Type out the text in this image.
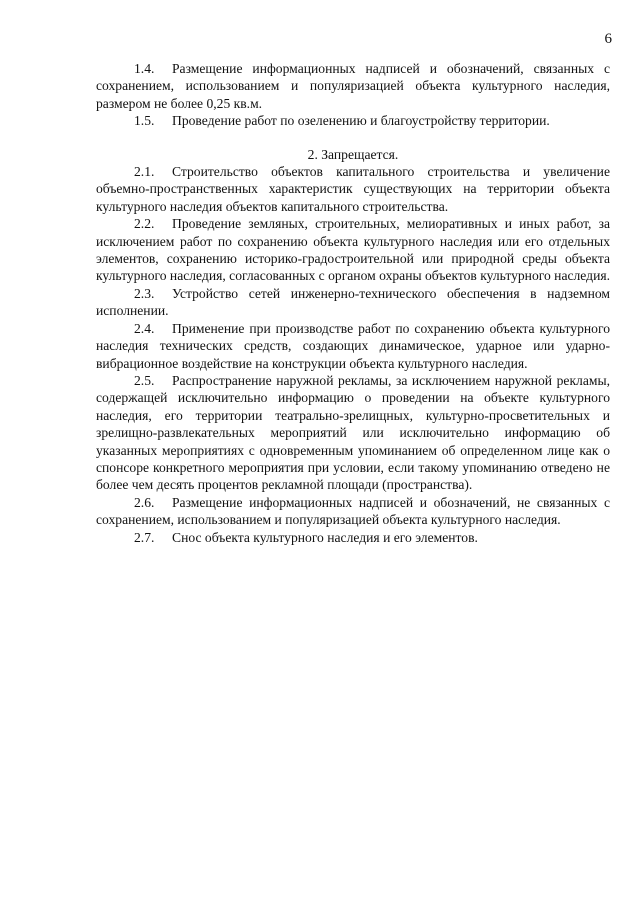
6

1.4. Размещение информационных надписей и обозначений, связанных с сохранением, использованием и популяризацией объекта культурного наследия, размером не более 0,25 кв.м.

1.5. Проведение работ по озеленению и благоустройству территории.

2. Запрещается.

2.1. Строительство объектов капитального строительства и увеличение объемно-пространственных характеристик существующих на территории объекта культурного наследия объектов капитального строительства.

2.2. Проведение земляных, строительных, мелиоративных и иных работ, за исключением работ по сохранению объекта культурного наследия или его отдельных элементов, сохранению историко-градостроительной или природной среды объекта культурного наследия, согласованных с органом охраны объектов культурного наследия.

2.3. Устройство сетей инженерно-технического обеспечения в надземном исполнении.

2.4. Применение при производстве работ по сохранению объекта культурного наследия технических средств, создающих динамическое, ударное или ударно-вибрационное воздействие на конструкции объекта культурного наследия.

2.5. Распространение наружной рекламы, за исключением наружной рекламы, содержащей исключительно информацию о проведении на объекте культурного наследия, его территории театрально-зрелищных, культурно-просветительных и зрелищно-развлекательных мероприятий или исключительно информацию об указанных мероприятиях с одновременным упоминанием об определенном лице как о спонсоре конкретного мероприятия при условии, если такому упоминанию отведено не более чем десять процентов рекламной площади (пространства).

2.6. Размещение информационных надписей и обозначений, не связанных с сохранением, использованием и популяризацией объекта культурного наследия.

2.7. Снос объекта культурного наследия и его элементов.
